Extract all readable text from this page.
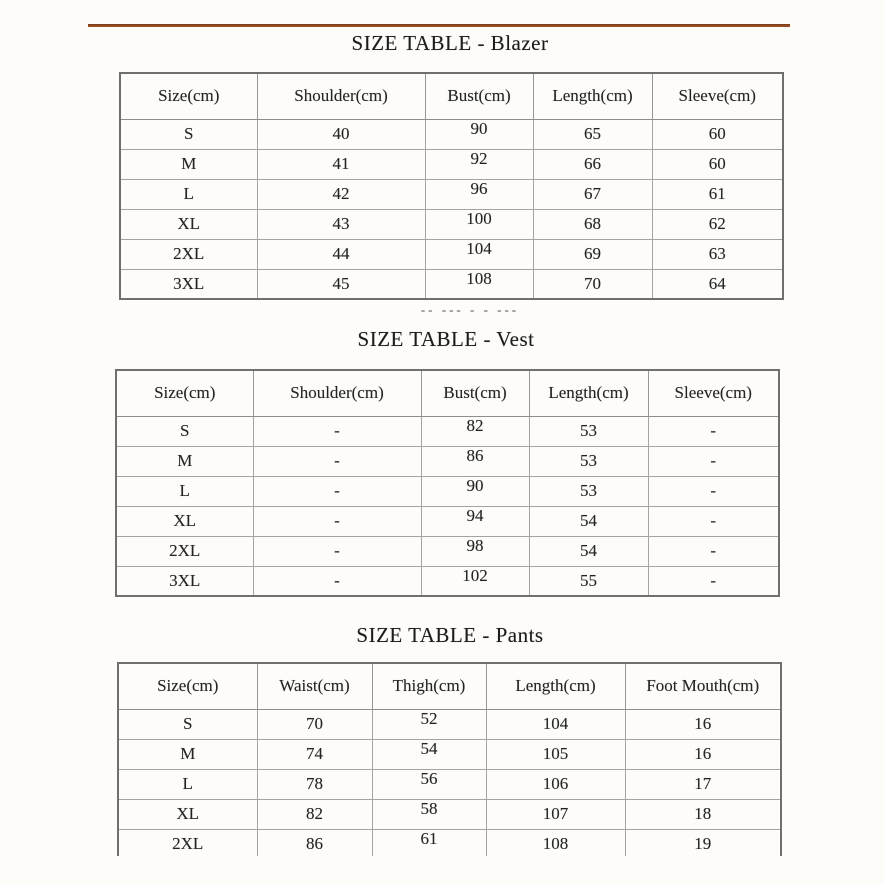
SIZE TABLE - Blazer
Size(cm)	Shoulder(cm)	Bust(cm)	Length(cm)	Sleeve(cm)
S	40	90	65	60
M	41	92	66	60
L	42	96	67	61
XL	43	100	68	62
2XL	44	104	69	63
3XL	45	108	70	64
-- --- - - ---
SIZE TABLE - Vest
Size(cm)	Shoulder(cm)	Bust(cm)	Length(cm)	Sleeve(cm)
S	-	82	53	-
M	-	86	53	-
L	-	90	53	-
XL	-	94	54	-
2XL	-	98	54	-
3XL	-	102	55	-
SIZE TABLE - Pants
Size(cm)	Waist(cm)	Thigh(cm)	Length(cm)	Foot Mouth(cm)
S	70	52	104	16
M	74	54	105	16
L	78	56	106	17
XL	82	58	107	18
2XL	86	61	108	19
